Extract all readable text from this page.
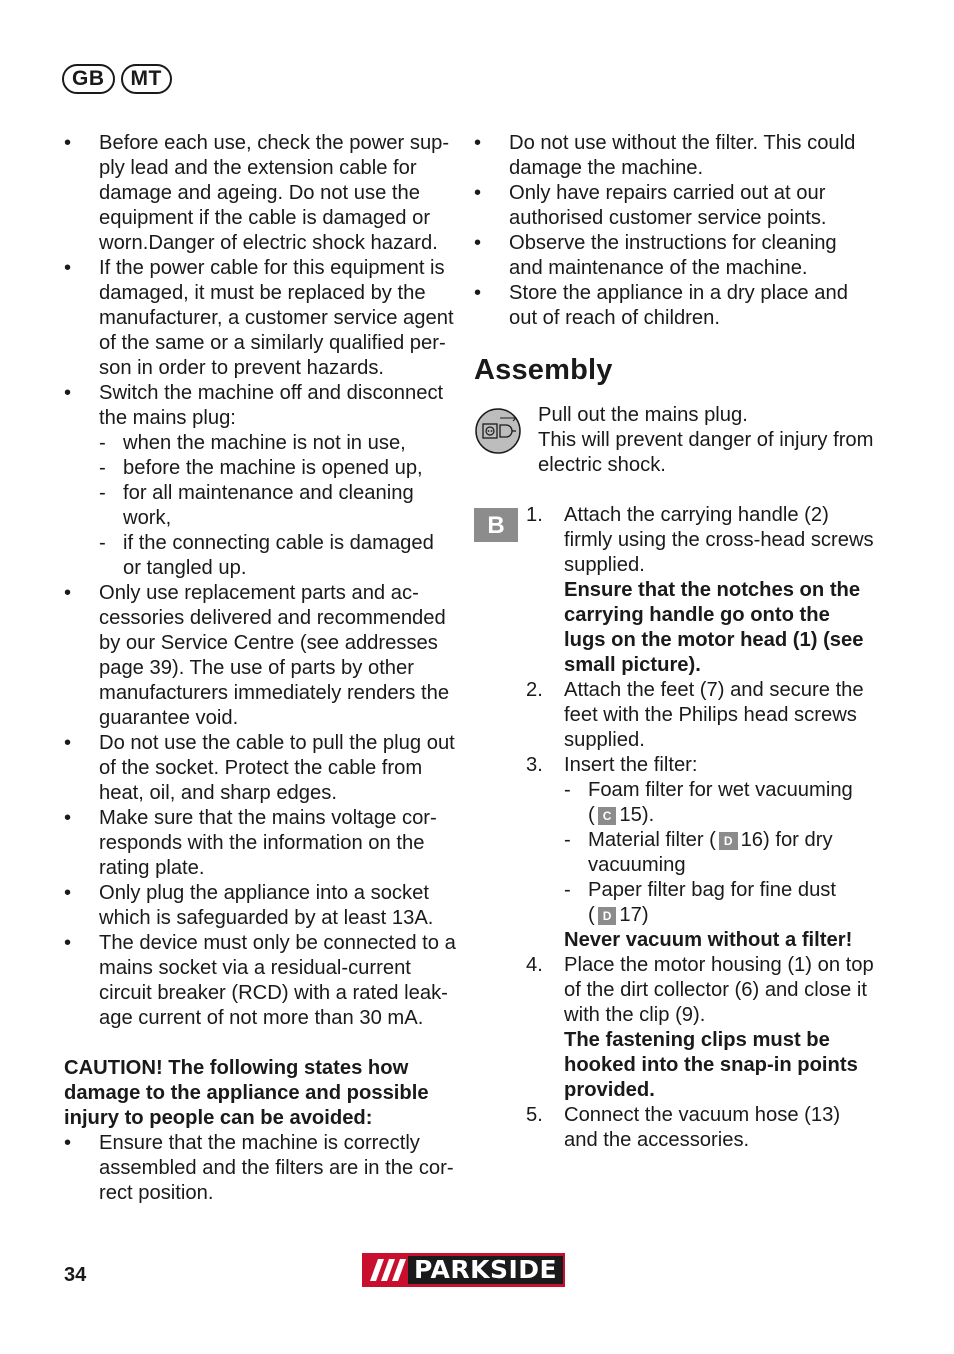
GB	MT
• Before each use, check the power sup- ply lead and the extension cable for damage and ageing. Do not use the equipment if the cable is damaged or worn.Danger of electric shock hazard.
• If the power cable for this equipment is damaged, it must be replaced by the manufacturer, a customer service agent of the same or a similarly qualified per- son in order to prevent hazards.
• Switch the machine off and disconnect the mains plug:
- when the machine is not in use,
- before the machine is opened up,
- for all maintenance and cleaning work,
- if the connecting cable is damaged or tangled up.
• Only use replacement parts and ac- cessories delivered and recommended by our Service Centre (see addresses page 39). The use of parts by other manufacturers immediately renders the guarantee void.
• Do not use the cable to pull the plug out of the socket. Protect the cable from heat, oil, and sharp edges.
• Make sure that the mains voltage cor- responds with the information on the rating plate.
• Only plug the appliance into a socket which is safeguarded by at least 13A.
• The device must only be connected to a mains socket via a residual-current circuit breaker (RCD) with a rated leak- age current of not more than 30 mA.
CAUTION! The following states how damage to the appliance and possible injury to people can be avoided:
• Ensure that the machine is correctly assembled and the filters are in the cor- rect position.
• Do not use without the filter. This could damage the machine.
• Only have repairs carried out at our authorised customer service points.
• Observe the instructions for cleaning and maintenance of the machine.
• Store the appliance in a dry place and out of reach of children.
Assembly
Pull out the mains plug.
This will prevent danger of injury from electric shock.
B	1. Attach the carrying handle (2) firmly using the cross-head screws supplied.
Ensure that the notches on the carrying handle go onto the lugs on the motor head (1) (see small picture).
2. Attach the feet (7) and secure the feet with the Philips head screws supplied.
3. Insert the filter:
- Foam filter for wet vacuuming
( C 15).
- Material filter ( D 16) for dry vacuuming
- Paper filter bag for fine dust
( D 17)
Never vacuum without a filter!
4. Place the motor housing (1) on top of the dirt collector (6) and close it with the clip (9).
The fastening clips must be hooked into the snap-in points provided.
5. Connect the vacuum hose (13) and the accessories.
34	PARKSIDE
